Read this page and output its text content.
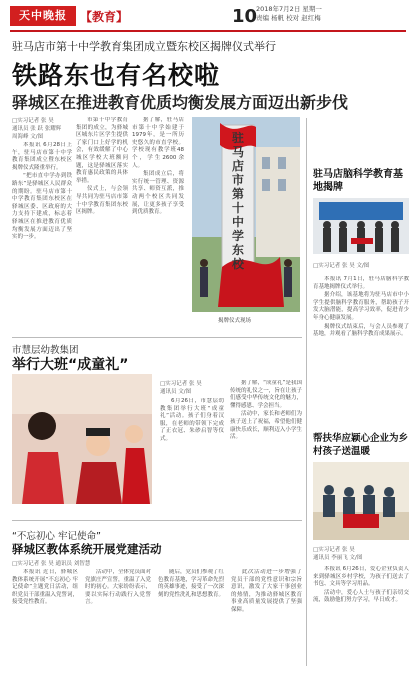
天中晚报	【教育】	10
2018年7月2日 星期一
责编 杨帆 校对 赵红梅
驻马店市第十中学教育集团成立暨东校区揭牌仪式举行
铁路东也有名校啦
驿城区在推进教育优质均衡发展方面迈出新步伐
□实习记者 张 昊
通讯员 张 跃 张耀辉
周海峰 文/图

本报讯 6月28日上午，驻马店市第十中学教育集团成立暨东校区揭牌仪式隆重举行。

“把市直中学办到铁路东”是驿城区人民群众的期盼。驻马店市第十中学教育集团东校区在驿城区委、区政府的大力支持下建成，标志着驿城区在推进教育优质均衡发展方面迈出了坚实的一步。

市第十中学教育集团的成立，为驿城区城东片区学生提供了家门口上好学的机会，有效缓解了中心城区学校大班额问题，这是驿城区落实教育惠民政策的具体举措。

仪式上，与会领导共同为驻马店市第十中学教育集团东校区揭牌。

据了解，驻马店市第十中学始建于1979年，是一所历史悠久的市直学校。学校现有教学班48个，学生2600余人。

集团成立后，将实行统一管理、资源共享、师资互派，推动两个校区共同发展，让更多孩子享受到优质教育。

驻马店市第十中学东校
揭牌仪式现场
驻马店脑科学教育基地揭牌
□实习记者 张 昊 文/图

本报讯 7月1日，驻马店脑科学教育基地揭牌仪式举行。

据介绍，该基地将为驻马店市中小学生提供脑科学教育服务，帮助孩子开发大脑潜能，提高学习效率，促进青少年身心健康发展。

揭牌仪式结束后，与会人员参观了基地，并观看了脑科学教育成果展示。

帮扶华应颖心企业为乡村孩子送温暖
□实习记者 张 昊
通讯员 李丽飞 文/图

本报讯 6月26日，爱心企业负责人来到驿城区乡村学校，为孩子们送去了书包、文具等学习用品。

活动中，爱心人士与孩子们亲切交流，鼓励他们努力学习，早日成才。

市慧层幼教集团
举行大班“成童礼”
□实习记者 张 昊
通讯员 文/图

6月26日，市慧层幼教集团举行大班“成童礼”活动。孩子们身着汉服，在老师的带领下完成了正衣冠、朱砂启智等仪式。

据了解，“成童礼”是我国传统的礼仪之一，旨在让孩子们感受中华传统文化的魅力，懂得感恩、学会担当。

活动中，家长和老师们为孩子送上了祝福，希望他们健康快乐成长，顺利迈入小学生活。

“不忘初心 牢记使命”
驿城区教体系统开展党建活动
□实习记者 张 昊 通讯员 刘智慧

本报讯 近日，驿城区教体系统开展“不忘初心 牢记使命”主题党日活动，组织党员干部重温入党誓词，接受党性教育。

活动中，全体党员面对党旗庄严宣誓，重温了入党时的初心。大家纷纷表示，要以实际行动践行入党誓言。

随后，党员们参观了红色教育基地，学习革命先烈的英雄事迹，接受了一次深刻的党性洗礼和思想教育。

此次活动进一步增强了党员干部的党性意识和宗旨意识，激发了大家干事创业的热情，为推动驿城区教育事业高质量发展提供了坚强保障。
